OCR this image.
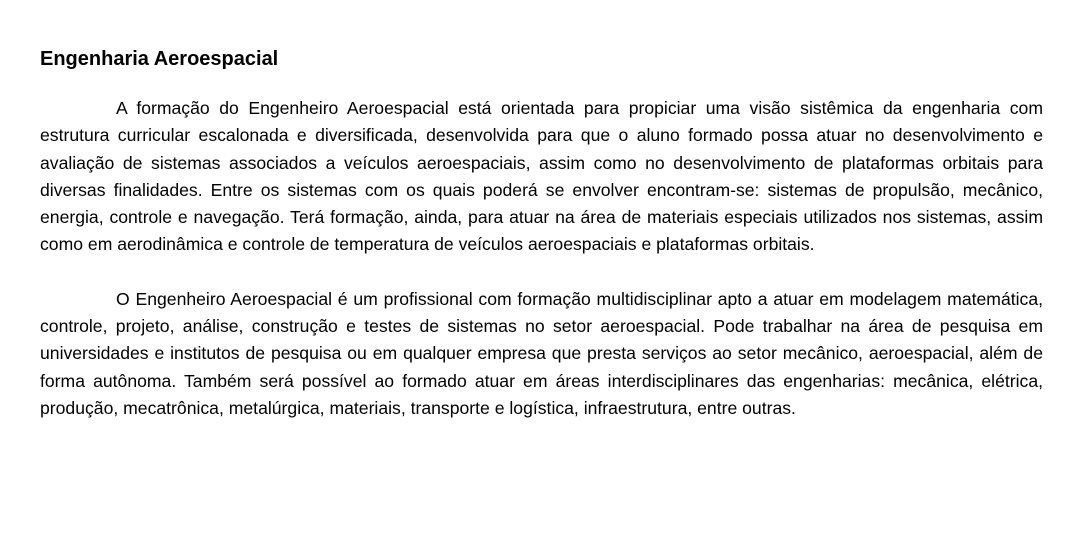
Engenharia Aeroespacial

A formação do Engenheiro Aeroespacial está orientada para propiciar uma visão sistêmica da engenharia com estrutura curricular escalonada e diversificada, desenvolvida para que o aluno formado possa atuar no desenvolvimento e avaliação de sistemas associados a veículos aeroespaciais, assim como no desenvolvimento de plataformas orbitais para diversas finalidades. Entre os sistemas com os quais poderá se envolver encontram-se: sistemas de propulsão, mecânico, energia, controle e navegação. Terá formação, ainda, para atuar na área de materiais especiais utilizados nos sistemas, assim como em aerodinâmica e controle de temperatura de veículos aeroespaciais e plataformas orbitais.

O Engenheiro Aeroespacial é um profissional com formação multidisciplinar apto a atuar em modelagem matemática, controle, projeto, análise, construção e testes de sistemas no setor aeroespacial. Pode trabalhar na área de pesquisa em universidades e institutos de pesquisa ou em qualquer empresa que presta serviços ao setor mecânico, aeroespacial, além de forma autônoma. Também será possível ao formado atuar em áreas interdisciplinares das engenharias: mecânica, elétrica, produção, mecatrônica, metalúrgica, materiais, transporte e logística, infraestrutura, entre outras.
